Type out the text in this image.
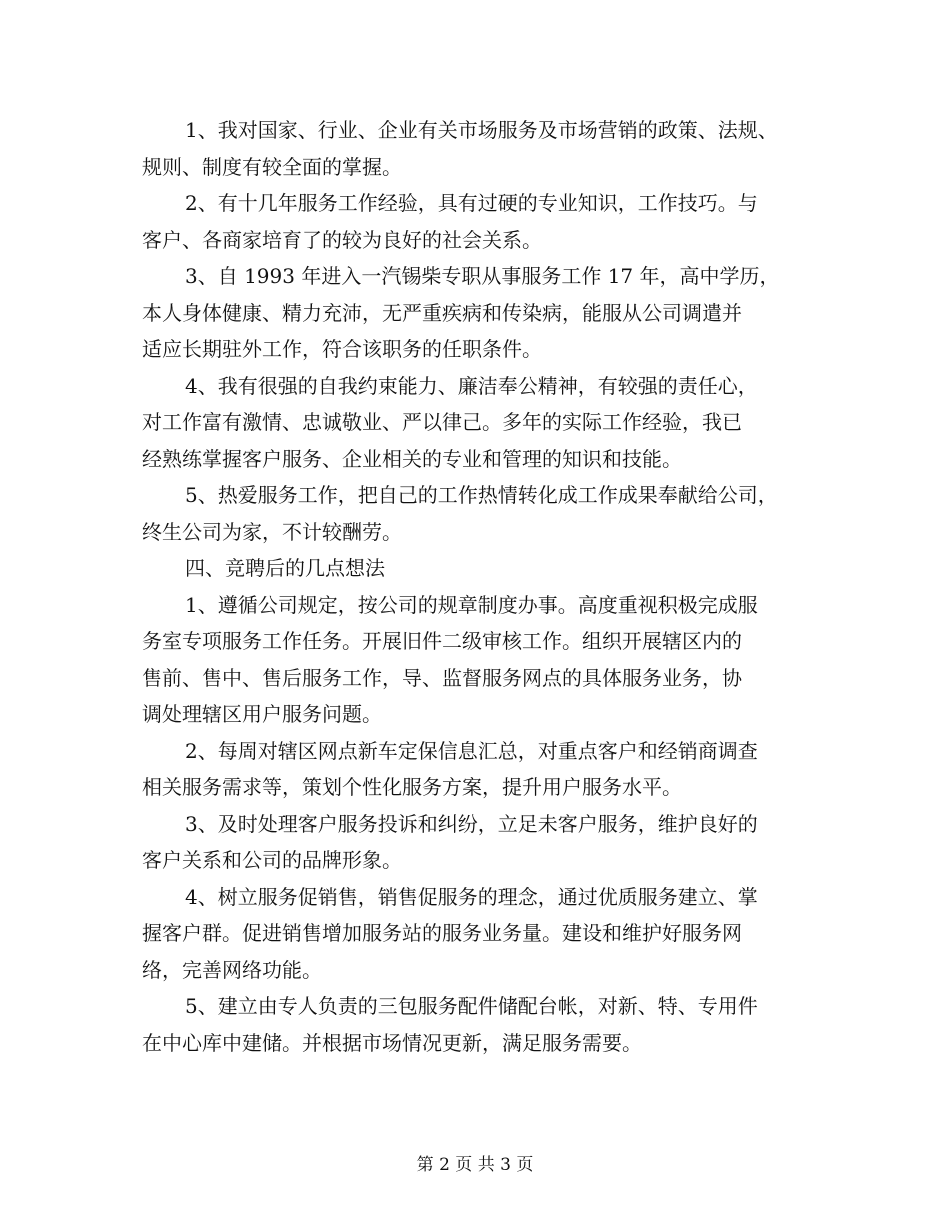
1、我对国家、行业、企业有关市场服务及市场营销的政策、法规、
规则、制度有较全面的掌握。
2、有十几年服务工作经验，具有过硬的专业知识，工作技巧。与
客户、各商家培育了的较为良好的社会关系。
3、自 1993 年进入一汽锡柴专职从事服务工作 17 年，高中学历，
本人身体健康、精力充沛，无严重疾病和传染病，能服从公司调遣并
适应长期驻外工作，符合该职务的任职条件。
4、我有很强的自我约束能力、廉洁奉公精神，有较强的责任心，
对工作富有激情、忠诚敬业、严以律己。多年的实际工作经验，我已
经熟练掌握客户服务、企业相关的专业和管理的知识和技能。
5、热爱服务工作，把自己的工作热情转化成工作成果奉献给公司，
终生公司为家，不计较酬劳。
四、竞聘后的几点想法
1、遵循公司规定，按公司的规章制度办事。高度重视积极完成服
务室专项服务工作任务。开展旧件二级审核工作。组织开展辖区内的
售前、售中、售后服务工作，导、监督服务网点的具体服务业务，协
调处理辖区用户服务问题。
2、每周对辖区网点新车定保信息汇总，对重点客户和经销商调查
相关服务需求等，策划个性化服务方案，提升用户服务水平。
3、及时处理客户服务投诉和纠纷，立足未客户服务，维护良好的
客户关系和公司的品牌形象。
4、树立服务促销售，销售促服务的理念，通过优质服务建立、掌
握客户群。促进销售增加服务站的服务业务量。建设和维护好服务网
络，完善网络功能。
5、建立由专人负责的三包服务配件储配台帐，对新、特、专用件
在中心库中建储。并根据市场情况更新，满足服务需要。
第 2 页 共 3 页
